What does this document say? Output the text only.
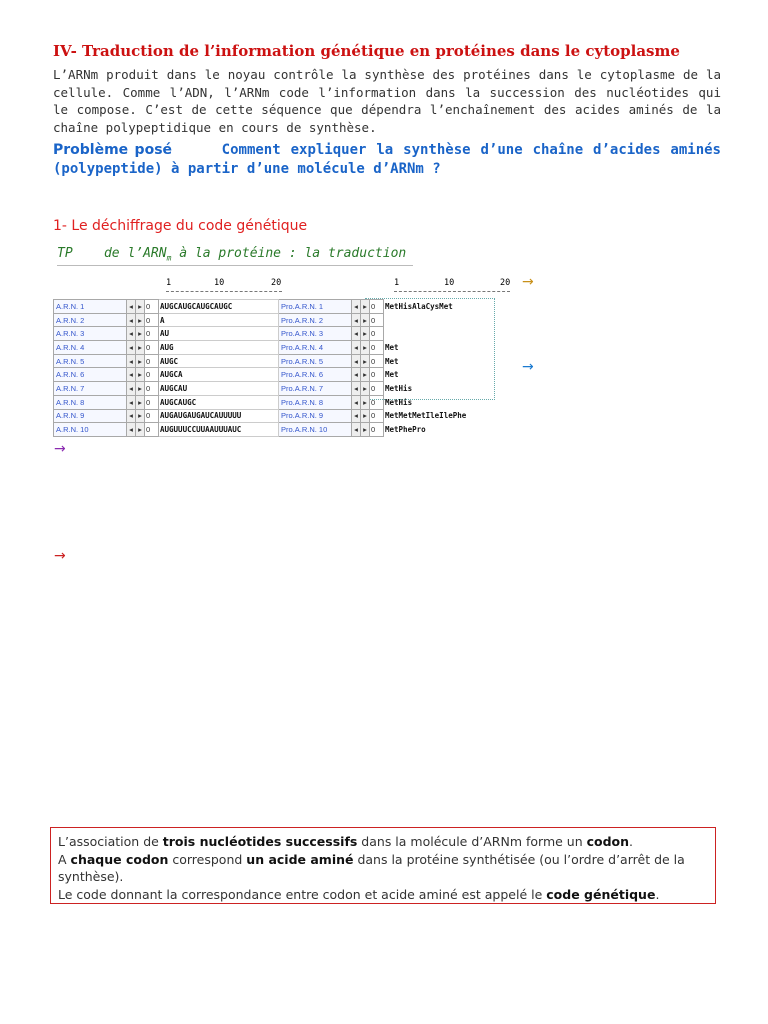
IV- Traduction de l’information génétique en protéines dans le cytoplasme
L’ARNm produit dans le noyau contrôle la synthèse des protéines dans le cytoplasme de la cellule. Comme l’ADN, l’ARNm code l’information dans la succession des nucléotides qui le compose. C’est de cette séquence que dépendra l’enchaînement des acides aminés de la chaîne polypeptidique en cours de synthèse.
Problème posé	Comment expliquer la synthèse d’une chaîne d’acides aminés (polypeptide) à partir d’une molécule d’ARNm ?
1- Le déchiffrage du code génétique
TP de $l’ARN_m$ à la protéine : la traduction
1	10	20	1	10	20
A.R.N. 1	◂	▸	0	AUGCAUGCAUGCAUGC	Pro.A.R.N. 1	◂	▸	0	MetHisAlaCysMet
A.R.N. 2	◂	▸	0	A	Pro.A.R.N. 2	◂	▸	0	
A.R.N. 3	◂	▸	0	AU	Pro.A.R.N. 3	◂	▸	0	
A.R.N. 4	◂	▸	0	AUG	Pro.A.R.N. 4	◂	▸	0	Met
A.R.N. 5	◂	▸	0	AUGC	Pro.A.R.N. 5	◂	▸	0	Met
A.R.N. 6	◂	▸	0	AUGCA	Pro.A.R.N. 6	◂	▸	0	Met
A.R.N. 7	◂	▸	0	AUGCAU	Pro.A.R.N. 7	◂	▸	0	MetHis
A.R.N. 8	◂	▸	0	AUGCAUGC	Pro.A.R.N. 8	◂	▸	0	MetHis
A.R.N. 9	◂	▸	0	AUGAUGAUGAUCAUUUUU	Pro.A.R.N. 9	◂	▸	0	MetMetMetIleIlePhe
A.R.N. 10	◂	▸	0	AUGUUUCCUUAAUUUAUC	Pro.A.R.N. 10	◂	▸	0	MetPhePro
→
→
→
→
L’association de trois nucléotides successifs dans la molécule d’ARNm forme un codon.
A chaque codon correspond un acide aminé dans la protéine synthétisée (ou l’ordre d’arrêt de la synthèse).
Le code donnant la correspondance entre codon et acide aminé est appelé le code génétique.
